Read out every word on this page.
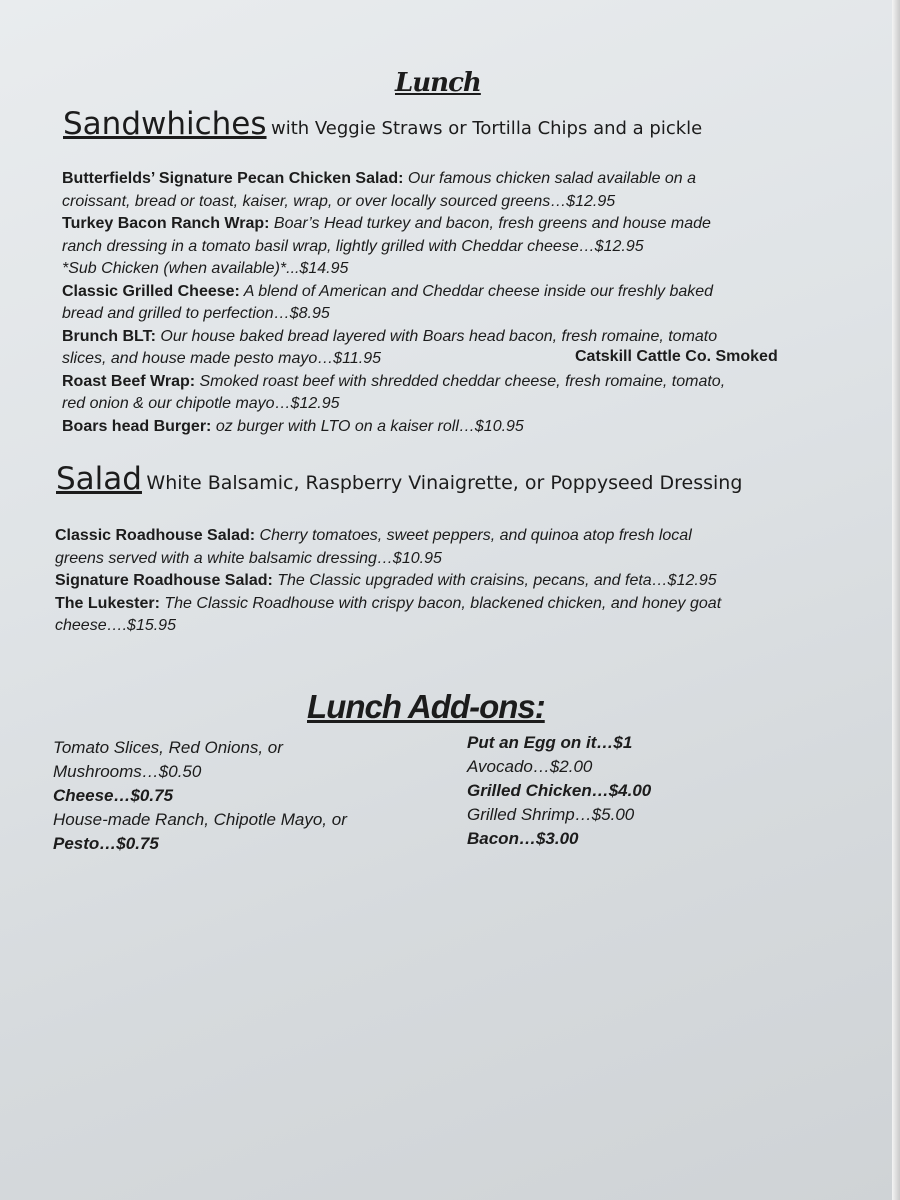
Lunch
Sandwhiches with Veggie Straws or Tortilla Chips and a pickle
Butterfields’ Signature Pecan Chicken Salad: Our famous chicken salad available on a
croissant, bread or toast, kaiser, wrap, or over locally sourced greens…$12.95
Turkey Bacon Ranch Wrap: Boar’s Head turkey and bacon, fresh greens and house made
ranch dressing in a tomato basil wrap, lightly grilled with Cheddar cheese…$12.95
*Sub Chicken (when available)*...$14.95
Classic Grilled Cheese: A blend of American and Cheddar cheese inside our freshly baked
bread and grilled to perfection…$8.95
Brunch BLT: Our house baked bread layered with Boars head bacon, fresh romaine, tomato
slices, and house made pesto mayo…$11.95
Roast Beef Wrap: Smoked roast beef with shredded cheddar cheese, fresh romaine, tomato,
red onion & our chipotle mayo…$12.95
Boars head Burger: oz burger with LTO on a kaiser roll…$10.95
Catskill Cattle Co. Smoked
Salad White Balsamic, Raspberry Vinaigrette, or Poppyseed Dressing
Classic Roadhouse Salad: Cherry tomatoes, sweet peppers, and quinoa atop fresh local
greens served with a white balsamic dressing…$10.95
Signature Roadhouse Salad: The Classic upgraded with craisins, pecans, and feta…$12.95
The Lukester: The Classic Roadhouse with crispy bacon, blackened chicken, and honey goat
cheese….$15.95
Lunch Add-ons:
Tomato Slices, Red Onions, or
Mushrooms…$0.50
Cheese…$0.75
House-made Ranch, Chipotle Mayo, or
Pesto…$0.75
Put an Egg on it…$1
Avocado…$2.00
Grilled Chicken…$4.00
Grilled Shrimp…$5.00
Bacon…$3.00
